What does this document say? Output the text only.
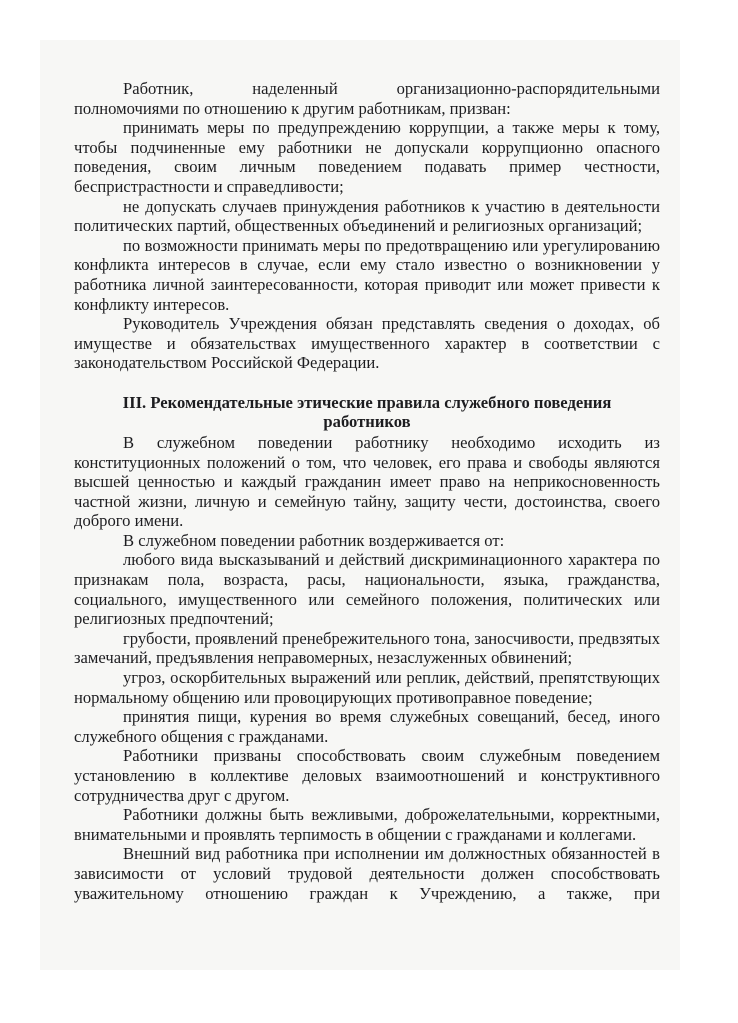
Работник, наделенный организационно-распорядительными

полномочиями по отношению к другим работникам, призван:

принимать меры по предупреждению коррупции, а также меры к тому, чтобы подчиненные ему работники не допускали коррупционно опасного поведения, своим личным поведением подавать пример честности, беспристрастности и справедливости;

не допускать случаев принуждения работников к участию в деятельности политических партий, общественных объединений и религиозных организаций;

по возможности принимать меры по предотвращению или урегулированию конфликта интересов в случае, если ему стало известно о возникновении у работника личной заинтересованности, которая приводит или может привести к конфликту интересов.

Руководитель Учреждения обязан представлять сведения о доходах, об имуществе и обязательствах имущественного характер в соответствии с законодательством Российской Федерации.

III. Рекомендательные этические правила служебного поведения
работников

В служебном поведении работнику необходимо исходить из конституционных положений о том, что человек, его права и свободы являются высшей ценностью и каждый гражданин имеет право на неприкосновенность частной жизни, личную и семейную тайну, защиту чести, достоинства, своего доброго имени.

В служебном поведении работник воздерживается от:

любого вида высказываний и действий дискриминационного характера по признакам пола, возраста, расы, национальности, языка, гражданства, социального, имущественного или семейного положения, политических или религиозных предпочтений;

грубости, проявлений пренебрежительного тона, заносчивости, предвзятых замечаний, предъявления неправомерных, незаслуженных обвинений;

угроз, оскорбительных выражений или реплик, действий, препятствующих нормальному общению или провоцирующих противоправное поведение;

принятия пищи, курения во время служебных совещаний, бесед, иного служебного общения с гражданами.

Работники призваны способствовать своим служебным поведением установлению в коллективе деловых взаимоотношений и конструктивного сотрудничества друг с другом.

Работники должны быть вежливыми, доброжелательными, корректными, внимательными и проявлять терпимость в общении с гражданами и коллегами.

Внешний вид работника при исполнении им должностных обязанностей в зависимости от условий трудовой деятельности должен способствовать уважительному отношению граждан к Учреждению, а также, при
